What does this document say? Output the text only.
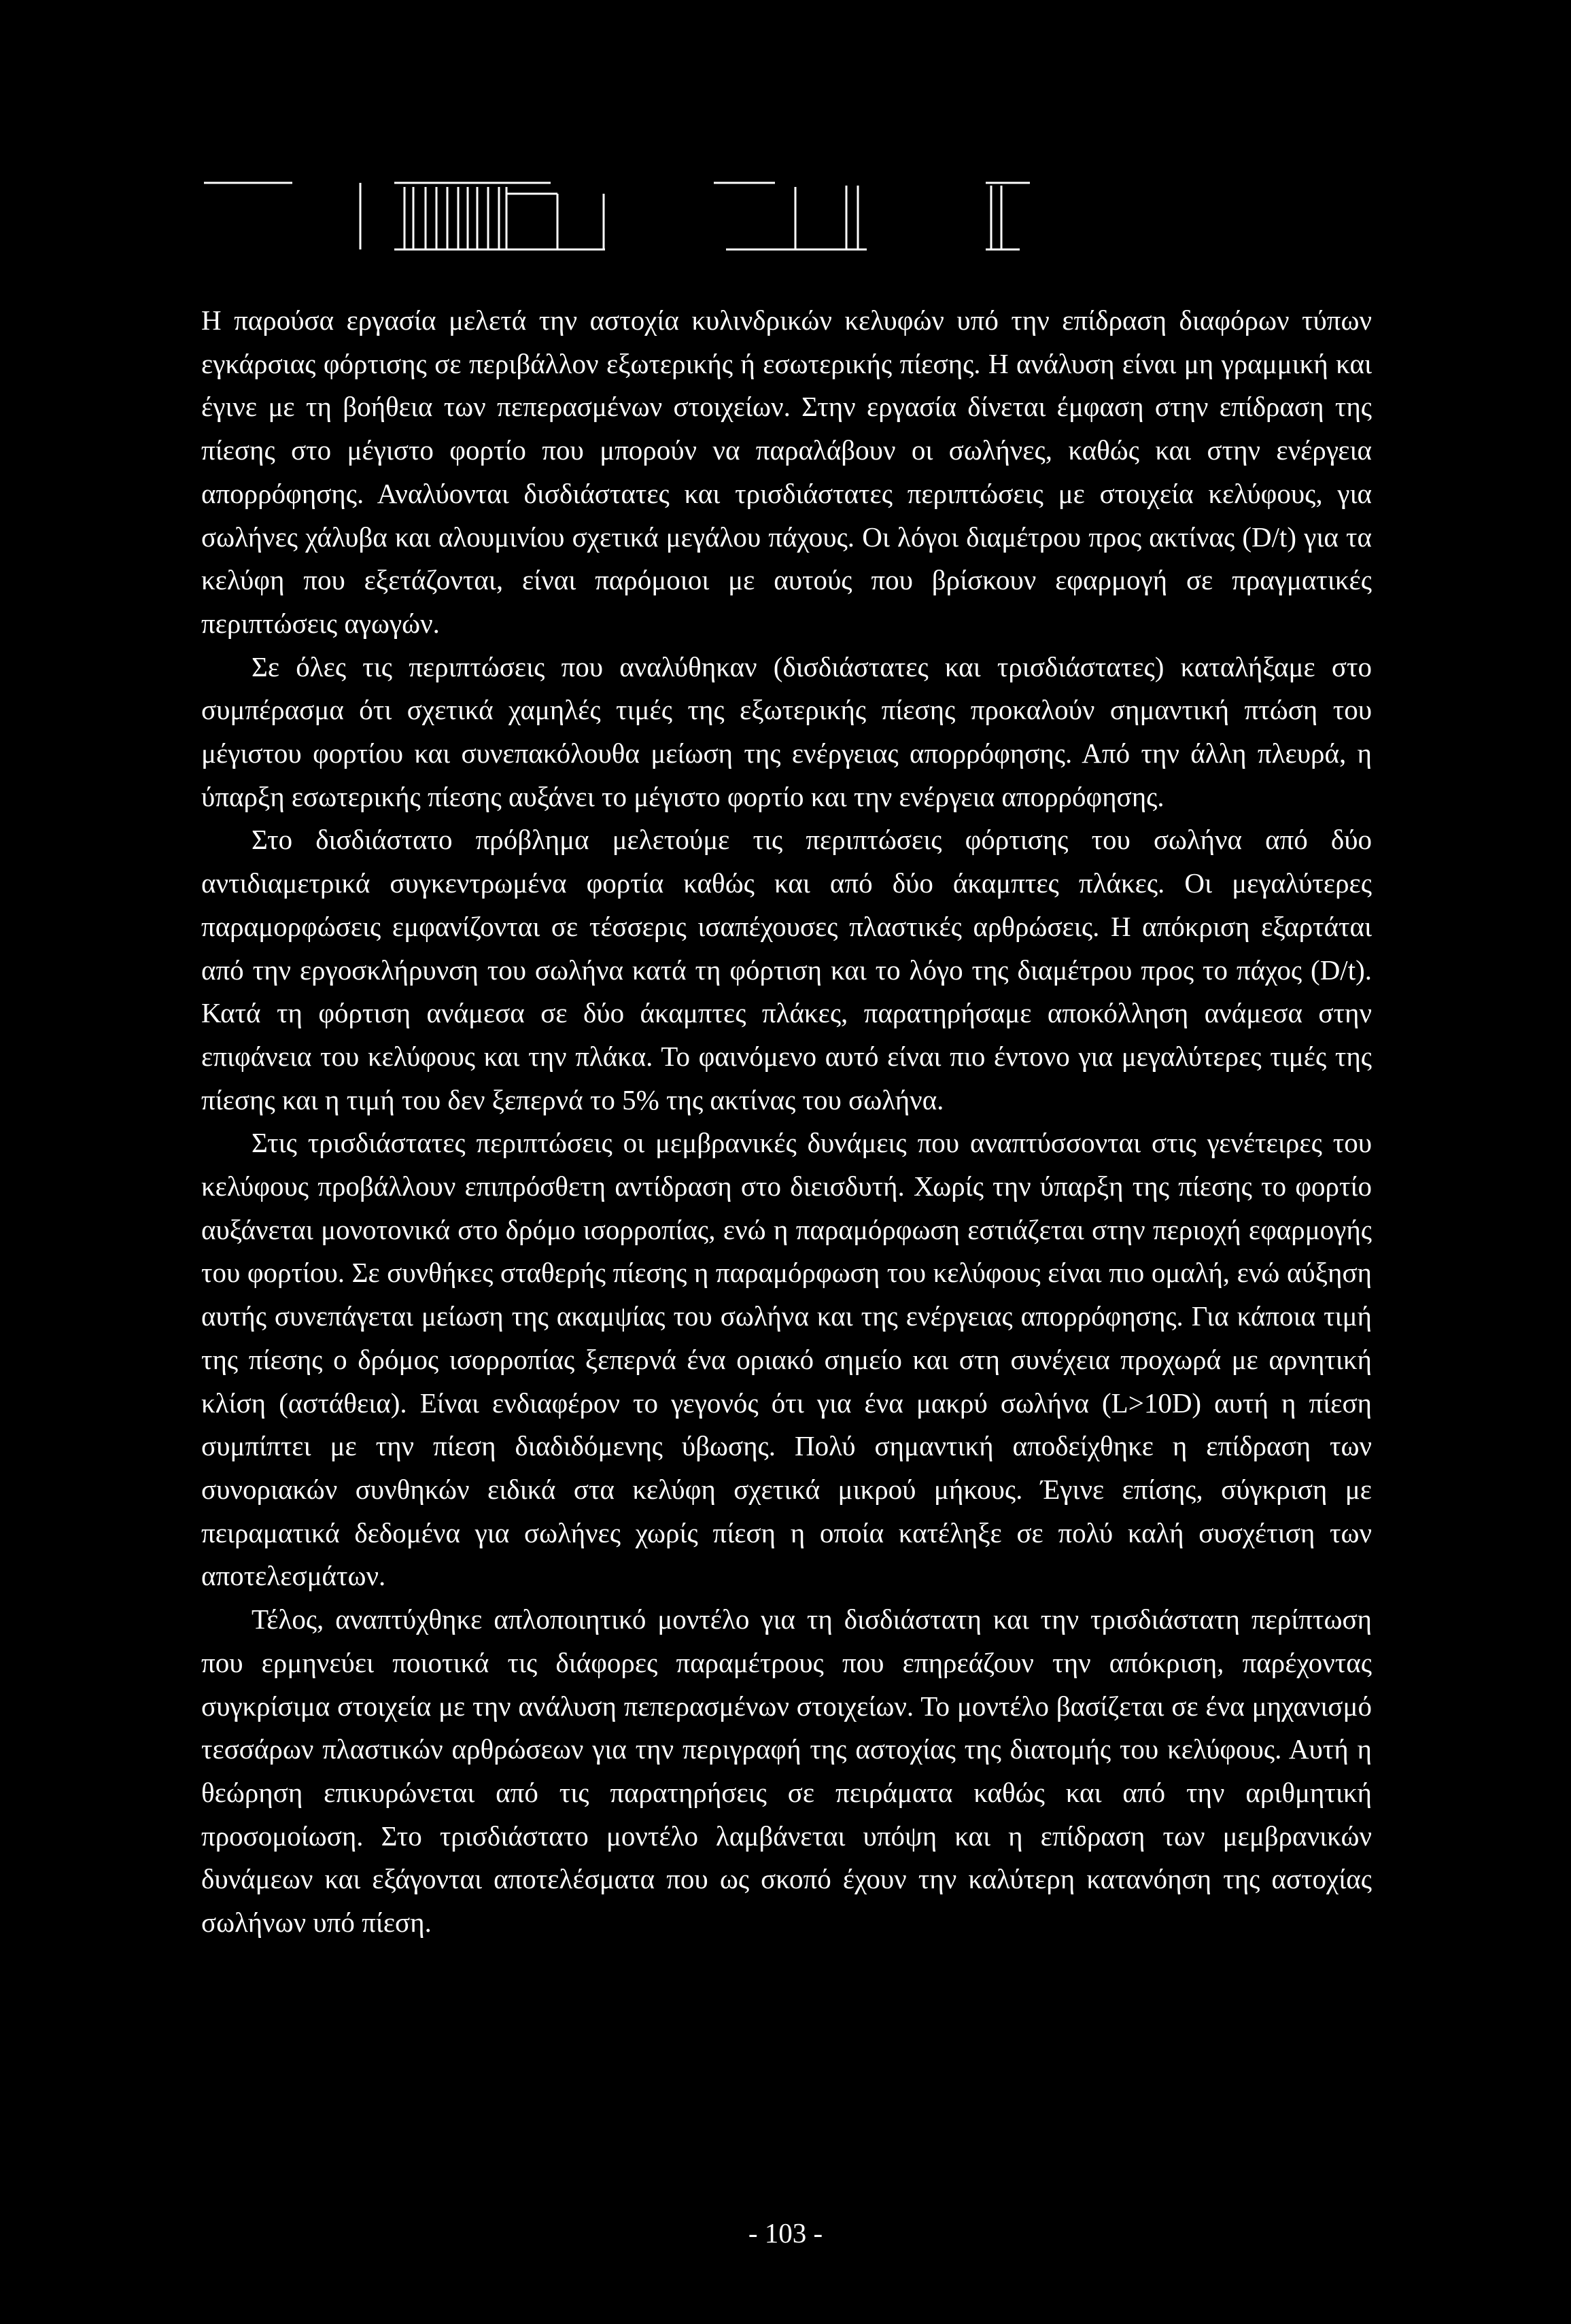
Η παρούσα εργασία μελετά την αστοχία κυλινδρικών κελυφών υπό την επίδραση διαφόρων τύπων εγκάρσιας φόρτισης σε περιβάλλον εξωτερικής ή εσωτερικής πίεσης. Η ανάλυση είναι μη γραμμική και έγινε με τη βοήθεια των πεπερασμένων στοιχείων. Στην εργασία δίνεται έμφαση στην επίδραση της πίεσης στο μέγιστο φορτίο που μπορούν να παραλάβουν οι σωλήνες, καθώς και στην ενέργεια απορρόφησης. Αναλύονται δισδιάστατες και τρισδιάστατες περιπτώσεις με στοιχεία κελύφους, για σωλήνες χάλυβα και αλουμινίου σχετικά μεγάλου πάχους. Οι λόγοι διαμέτρου προς ακτίνας (D/t) για τα κελύφη που εξετάζονται, είναι παρόμοιοι με αυτούς που βρίσκουν εφαρμογή σε πραγματικές περιπτώσεις αγωγών.

Σε όλες τις περιπτώσεις που αναλύθηκαν (δισδιάστατες και τρισδιάστατες) καταλήξαμε στο συμπέρασμα ότι σχετικά χαμηλές τιμές της εξωτερικής πίεσης προκαλούν σημαντική πτώση του μέγιστου φορτίου και συνεπακόλουθα μείωση της ενέργειας απορρόφησης. Από την άλλη πλευρά, η ύπαρξη εσωτερικής πίεσης αυξάνει το μέγιστο φορτίο και την ενέργεια απορρόφησης.

Στο δισδιάστατο πρόβλημα μελετούμε τις περιπτώσεις φόρτισης του σωλήνα από δύο αντιδιαμετρικά συγκεντρωμένα φορτία καθώς και από δύο άκαμπτες πλάκες. Οι μεγαλύτερες παραμορφώσεις εμφανίζονται σε τέσσερις ισαπέχουσες πλαστικές αρθρώσεις. Η απόκριση εξαρτάται από την εργοσκλήρυνση του σωλήνα κατά τη φόρτιση και το λόγο της διαμέτρου προς το πάχος (D/t). Κατά τη φόρτιση ανάμεσα σε δύο άκαμπτες πλάκες, παρατηρήσαμε αποκόλληση ανάμεσα στην επιφάνεια του κελύφους και την πλάκα. Το φαινόμενο αυτό είναι πιο έντονο για μεγαλύτερες τιμές της πίεσης και η τιμή του δεν ξεπερνά το 5% της ακτίνας του σωλήνα.

Στις τρισδιάστατες περιπτώσεις οι μεμβρανικές δυνάμεις που αναπτύσσονται στις γενέτειρες του κελύφους προβάλλουν επιπρόσθετη αντίδραση στο διεισδυτή. Χωρίς την ύπαρξη της πίεσης το φορτίο αυξάνεται μονοτονικά στο δρόμο ισορροπίας, ενώ η παραμόρφωση εστιάζεται στην περιοχή εφαρμογής του φορτίου. Σε συνθήκες σταθερής πίεσης η παραμόρφωση του κελύφους είναι πιο ομαλή, ενώ αύξηση αυτής συνεπάγεται μείωση της ακαμψίας του σωλήνα και της ενέργειας απορρόφησης. Για κάποια τιμή της πίεσης ο δρόμος ισορροπίας ξεπερνά ένα οριακό σημείο και στη συνέχεια προχωρά με αρνητική κλίση (αστάθεια). Είναι ενδιαφέρον το γεγονός ότι για ένα μακρύ σωλήνα (L>10D) αυτή η πίεση συμπίπτει με την πίεση διαδιδόμενης ύβωσης. Πολύ σημαντική αποδείχθηκε η επίδραση των συνοριακών συνθηκών ειδικά στα κελύφη σχετικά μικρού μήκους. Έγινε επίσης, σύγκριση με πειραματικά δεδομένα για σωλήνες χωρίς πίεση η οποία κατέληξε σε πολύ καλή συσχέτιση των αποτελεσμάτων.

Τέλος, αναπτύχθηκε απλοποιητικό μοντέλο για τη δισδιάστατη και την τρισδιάστατη περίπτωση που ερμηνεύει ποιοτικά τις διάφορες παραμέτρους που επηρεάζουν την απόκριση, παρέχοντας συγκρίσιμα στοιχεία με την ανάλυση πεπερασμένων στοιχείων. Το μοντέλο βασίζεται σε ένα μηχανισμό τεσσάρων πλαστικών αρθρώσεων για την περιγραφή της αστοχίας της διατομής του κελύφους. Αυτή η θεώρηση επικυρώνεται από τις παρατηρήσεις σε πειράματα καθώς και από την αριθμητική προσομοίωση. Στο τρισδιάστατο μοντέλο λαμβάνεται υπόψη και η επίδραση των μεμβρανικών δυνάμεων και εξάγονται αποτελέσματα που ως σκοπό έχουν την καλύτερη κατανόηση της αστοχίας σωλήνων υπό πίεση.

- 103 -
